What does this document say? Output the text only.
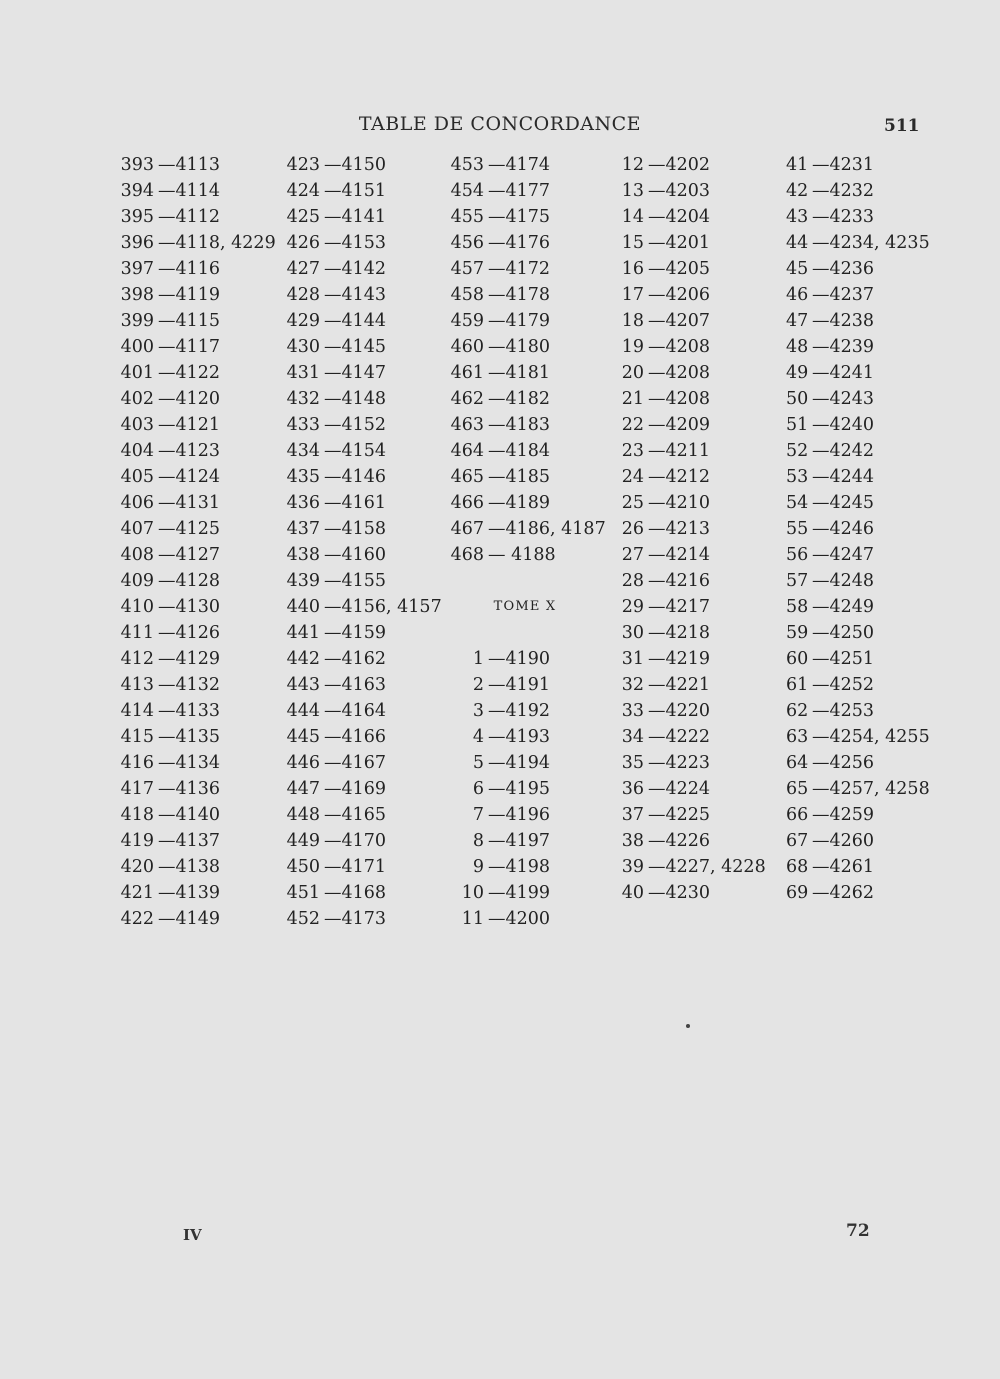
TABLE DE CONCORDANCE	511
393 —4113
394 —4114
395 —4112
396 —4118, 4229
397 —4116
398 —4119
399 —4115
400 —4117
401 —4122
402 —4120
403 —4121
404 —4123
405 —4124
406 —4131
407 —4125
408 —4127
409 —4128
410 —4130
411 —4126
412 —4129
413 —4132
414 —4133
415 —4135
416 —4134
417 —4136
418 —4140
419 —4137
420 —4138
421 —4139
422 —4149
423 —4150
424 —4151
425 —4141
426 —4153
427 —4142
428 —4143
429 —4144
430 —4145
431 —4147
432 —4148
433 —4152
434 —4154
435 —4146
436 —4161
437 —4158
438 —4160
439 —4155
440 —4156, 4157
441 —4159
442 —4162
443 —4163
444 —4164
445 —4166
446 —4167
447 —4169
448 —4165
449 —4170
450 —4171
451 —4168
452 —4173
453 —4174
454 —4177
455 —4175
456 —4176
457 —4172
458 —4178
459 —4179
460 —4180
461 —4181
462 —4182
463 —4183
464 —4184
465 —4185
466 —4189
467 —4186, 4187
468 — 4188
TOME X
1 —4190
2 —4191
3 —4192
4 —4193
5 —4194
6 —4195
7 —4196
8 —4197
9 —4198
10 —4199
11 —4200
12 —4202
13 —4203
14 —4204
15 —4201
16 —4205
17 —4206
18 —4207
19 —4208
20 —4208
21 —4208
22 —4209
23 —4211
24 —4212
25 —4210
26 —4213
27 —4214
28 —4216
29 —4217
30 —4218
31 —4219
32 —4221
33 —4220
34 —4222
35 —4223
36 —4224
37 —4225
38 —4226
39 —4227, 4228
40 —4230
41 —4231
42 —4232
43 —4233
44 —4234, 4235
45 —4236
46 —4237
47 —4238
48 —4239
49 —4241
50 —4243
51 —4240
52 —4242
53 —4244
54 —4245
55 —4246
56 —4247
57 —4248
58 —4249
59 —4250
60 —4251
61 —4252
62 —4253
63 —4254, 4255
64 —4256
65 —4257, 4258
66 —4259
67 —4260
68 —4261
69 —4262
IV	72
